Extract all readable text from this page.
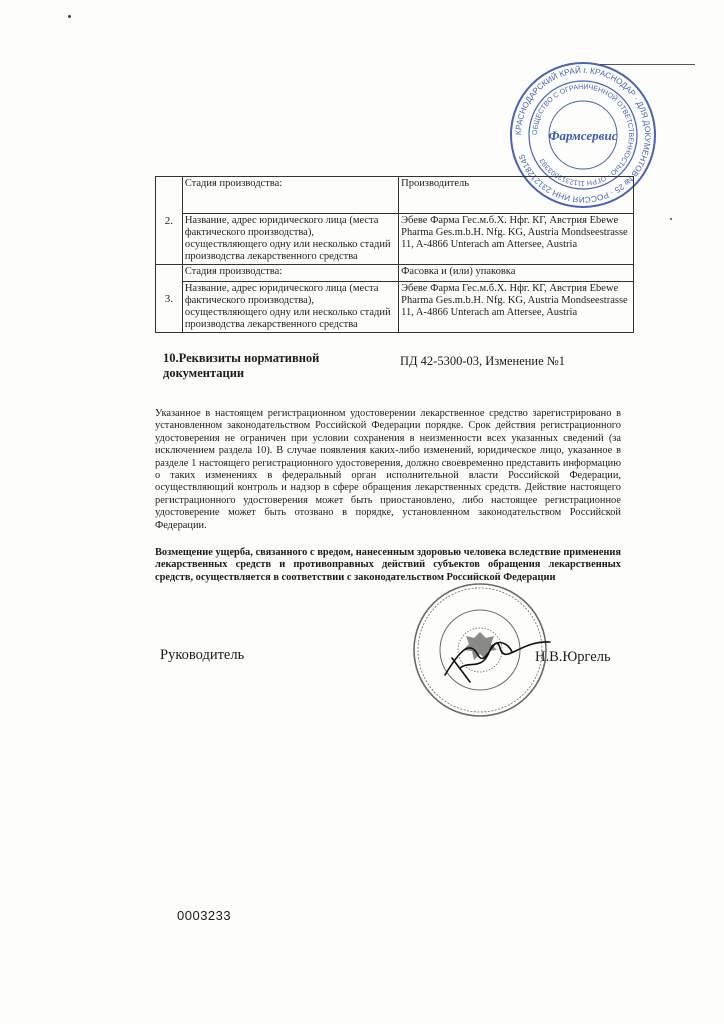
КРАСНОДАРСКИЙ КРАЙ г. КРАСНОДАР · ДЛЯ ДОКУМЕНТОВ № 25 · РОССИЯ ИНН 2312128145
ОБЩЕСТВО С ОГРАНИЧЕННОЙ ОТВЕТСТВЕННОСТЬЮ · ОГРН 1112312003393
Фармсервис
2.	Стадия производства:	Производитель
	Название, адрес юридического лица (места фактического производства), осуществляющего одну или несколько стадий производства лекарственного средства	Эбеве Фарма Гес.м.б.Х. Нфг. КГ, Австрия Ebewe Pharma Ges.m.b.H. Nfg. KG, Austria Mondseestrasse 11, A-4866 Unterach am Attersee, Austria
3.	Стадия производства:	Фасовка и (или) упаковка
	Название, адрес юридического лица (места фактического производства), осуществляющего одну или несколько стадий производства лекарственного средства	Эбеве Фарма Гес.м.б.Х. Нфг. КГ, Австрия Ebewe Pharma Ges.m.b.H. Nfg. KG, Austria Mondseestrasse 11, A-4866 Unterach am Attersee, Austria
10.Реквизиты нормативной документации
ПД 42-5300-03, Изменение №1
Указанное в настоящем регистрационном удостоверении лекарственное средство зарегистрировано в установленном законодательством Российской Федерации порядке. Срок действия регистрационного удостоверения не ограничен при условии сохранения в неизменности всех указанных сведений (за исключением раздела 10). В случае появления каких-либо изменений, юридическое лицо, указанное в разделе 1 настоящего регистрационного удостоверения, должно своевременно представить информацию о таких изменениях в федеральный орган исполнительной власти Российской Федерации, осуществляющий контроль и надзор в сфере обращения лекарственных средств. Действие настоящего регистрационного удостоверения может быть приостановлено, либо настоящее регистрационное удостоверение может быть отозвано в порядке, установленном законодательством Российской Федерации.
Возмещение ущерба, связанного с вредом, нанесенным здоровью человека вследствие применения лекарственных средств и противоправных действий субъектов обращения лекарственных средств, осуществляется в соответствии с законодательством Российской Федерации
Руководитель	Н.В.Юргель
0003233
